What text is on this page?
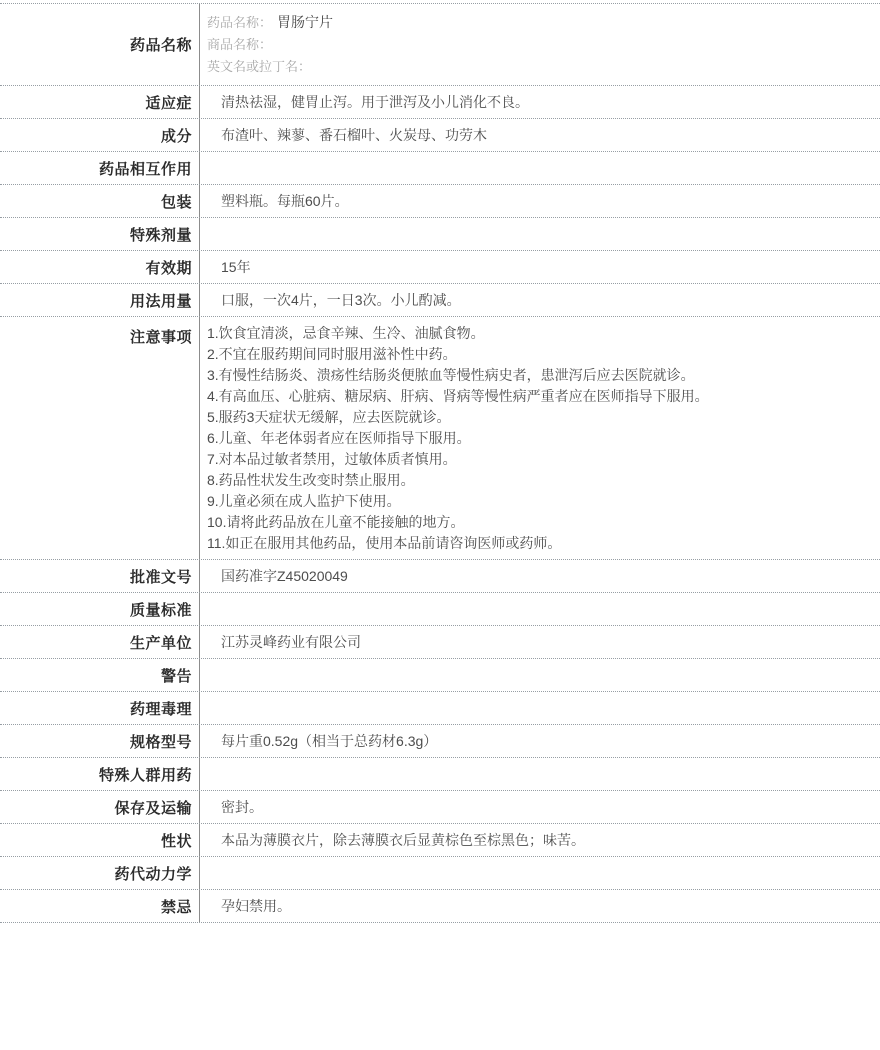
药品名称
药品名称： 胃肠宁片
商品名称：
英文名或拉丁名：
适应症	清热祛湿，健胃止泻。用于泄泻及小儿消化不良。
成分	布渣叶、辣蓼、番石榴叶、火炭母、功劳木
药品相互作用
包装	塑料瓶。每瓶60片。
特殊剂量
有效期	15年
用法用量	口服，一次4片，一日3次。小儿酌减。
注意事项	1.饮食宜清淡，忌食辛辣、生冷、油腻食物。
2.不宜在服药期间同时服用滋补性中药。
3.有慢性结肠炎、溃疡性结肠炎便脓血等慢性病史者，患泄泻后应去医院就诊。
4.有高血压、心脏病、糖尿病、肝病、肾病等慢性病严重者应在医师指导下服用。
5.服药3天症状无缓解，应去医院就诊。
6.儿童、年老体弱者应在医师指导下服用。
7.对本品过敏者禁用，过敏体质者慎用。
8.药品性状发生改变时禁止服用。
9.儿童必须在成人监护下使用。
10.请将此药品放在儿童不能接触的地方。
11.如正在服用其他药品，使用本品前请咨询医师或药师。
批准文号	国药准字Z45020049
质量标准
生产单位	江苏灵峰药业有限公司
警告
药理毒理
规格型号	每片重0.52g（相当于总药材6.3g）
特殊人群用药
保存及运输	密封。
性状	本品为薄膜衣片，除去薄膜衣后显黄棕色至棕黑色；味苦。
药代动力学
禁忌	孕妇禁用。
